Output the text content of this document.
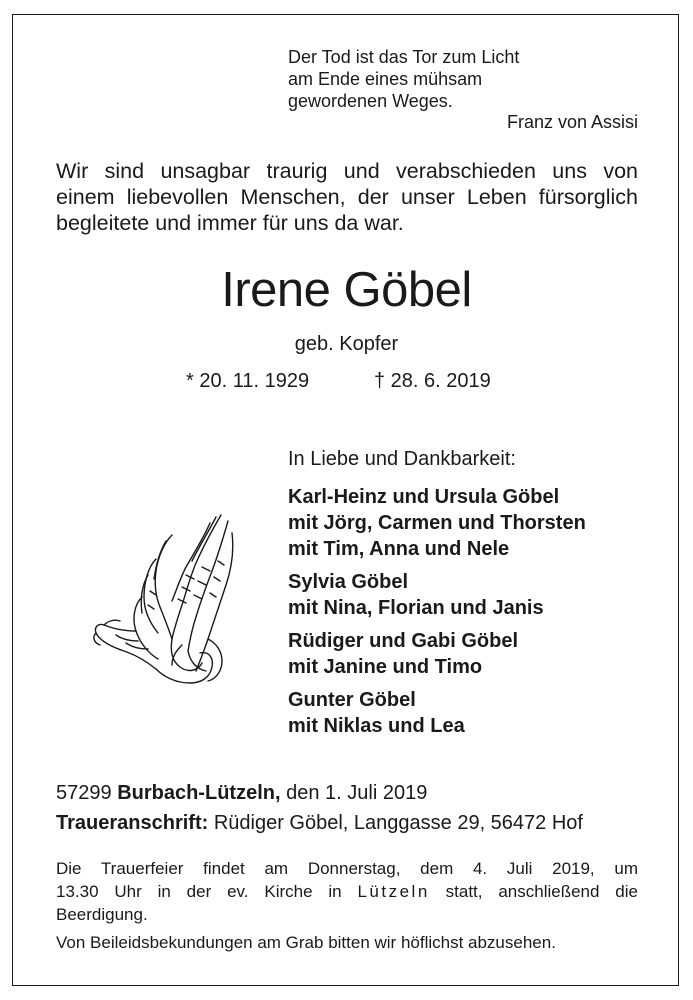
Der Tod ist das Tor zum Licht
am Ende eines mühsam
gewordenen Weges.
Franz von Assisi
Wir sind unsagbar traurig und verabschieden uns von
einem liebevollen Menschen, der unser Leben fürsorglich
begleitete und immer für uns da war.
Irene Göbel
geb. Kopfer
* 20. 11. 1929	† 28. 6. 2019
In Liebe und Dankbarkeit:
Karl-Heinz und Ursula Göbel
mit Jörg, Carmen und Thorsten
mit Tim, Anna und Nele
Sylvia Göbel
mit Nina, Florian und Janis
Rüdiger und Gabi Göbel
mit Janine und Timo
Gunter Göbel
mit Niklas und Lea
57299 Burbach-Lützeln, den 1. Juli 2019
Traueranschrift: Rüdiger Göbel, Langgasse 29, 56472 Hof
Die Trauerfeier findet am Donnerstag, dem 4. Juli 2019, um
13.30 Uhr in der ev. Kirche in Lützeln statt, anschließend die
Beerdigung.
Von Beileidsbekundungen am Grab bitten wir höflichst abzusehen.
